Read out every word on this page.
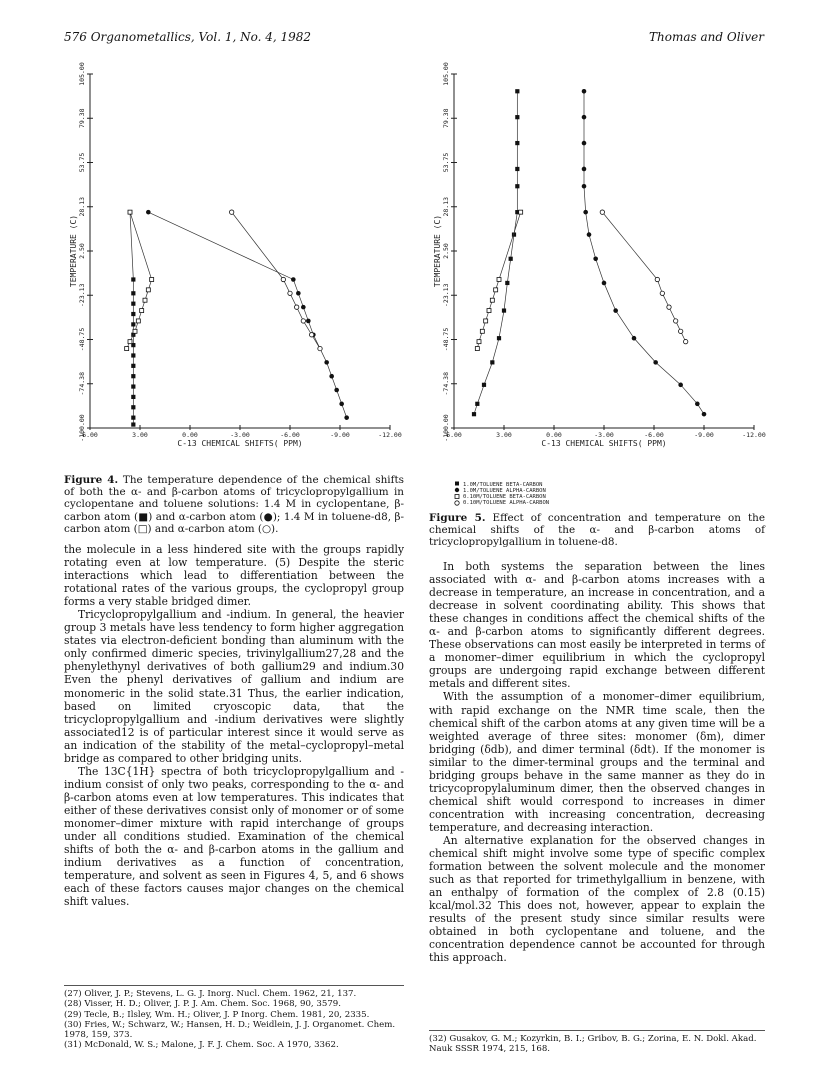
576 Organometallics, Vol. 1, No. 4, 1982	Thomas and Oliver
-100.00
-74.38
-48.75
-23.13
2.50
28.13
53.75
79.38
105.00
6.00	3.00	0.00	-3.00	-6.00	-9.00	-12.00
TEMPERATURE (C)
C-13 CHEMICAL SHIFTS( PPM)
Figure 4. The temperature dependence of the chemical shifts of both the α- and β-carbon atoms of tricyclopropylgallium in cyclopentane and toluene solutions: 1.4 M in cyclopentane, β-carbon atom (■) and α-carbon atom (●); 1.4 M in toluene-d8, β-carbon atom (□) and α-carbon atom (○).
-100.00
-74.38
-48.75
-23.13
2.50
28.13
53.75
79.38
105.00
6.00	3.00	0.00	-3.00	-6.00	-9.00	-12.00
TEMPERATURE (C)
C-13 CHEMICAL SHIFTS( PPM)
1.0M/TOLUENE BETA-CARBON
1.0M/TOLUENE ALPHA-CARBON
0.10M/TOLUENE BETA-CARBON
0.10M/TOLUENE ALPHA-CARBON
Figure 5. Effect of concentration and temperature on the chemical shifts of the α- and β-carbon atoms of tricyclopropylgallium in toluene-d8.

the molecule in a less hindered site with the groups rapidly rotating even at low temperature. (5) Despite the steric interactions which lead to differentiation between the rotational rates of the various groups, the cyclopropyl group forms a very stable bridged dimer.

Tricyclopropylgallium and -indium. In general, the heavier group 3 metals have less tendency to form higher aggregation states via electron-deficient bonding than aluminum with the only confirmed dimeric species, trivinylgallium27,28 and the phenylethynyl derivatives of both gallium29 and indium.30 Even the phenyl derivatives of gallium and indium are monomeric in the solid state.31 Thus, the earlier indication, based on limited cryoscopic data, that the tricyclopropylgallium and -indium derivatives were slightly associated12 is of particular interest since it would serve as an indication of the stability of the metal–cyclopropyl–metal bridge as compared to other bridging units.

The 13C{1H} spectra of both tricyclopropylgallium and -indium consist of only two peaks, corresponding to the α- and β-carbon atoms even at low temperatures. This indicates that either of these derivatives consist only of monomer or of some monomer–dimer mixture with rapid interchange of groups under all conditions studied. Examination of the chemical shifts of both the α- and β-carbon atoms in the gallium and indium derivatives as a function of concentration, temperature, and solvent as seen in Figures 4, 5, and 6 shows each of these factors causes major changes on the chemical shift values.

(27) Oliver, J. P.; Stevens, L. G. J. Inorg. Nucl. Chem. 1962, 21, 137.
(28) Visser, H. D.; Oliver, J. P. J. Am. Chem. Soc. 1968, 90, 3579.
(29) Tecle, B.; Ilsley, Wm. H.; Oliver, J. P Inorg. Chem. 1981, 20, 2335.
(30) Fries, W.; Schwarz, W.; Hansen, H. D.; Weidlein, J. J. Organomet. Chem. 1978, 159, 373.
(31) McDonald, W. S.; Malone, J. F. J. Chem. Soc. A 1970, 3362.

In both systems the separation between the lines associated with α- and β-carbon atoms increases with a decrease in temperature, an increase in concentration, and a decrease in solvent coordinating ability. This shows that these changes in conditions affect the chemical shifts of the α- and β-carbon atoms to significantly different degrees. These observations can most easily be interpreted in terms of a monomer–dimer equilibrium in which the cyclopropyl groups are undergoing rapid exchange between different metals and different sites.

With the assumption of a monomer–dimer equilibrium, with rapid exchange on the NMR time scale, then the chemical shift of the carbon atoms at any given time will be a weighted average of three sites: monomer (δm), dimer bridging (δdb), and dimer terminal (δdt). If the monomer is similar to the dimer-terminal groups and the terminal and bridging groups behave in the same manner as they do in tricycopropylaluminum dimer, then the observed changes in chemical shift would correspond to increases in dimer concentration with increasing concentration, decreasing temperature, and decreasing interaction.

An alternative explanation for the observed changes in chemical shift might involve some type of specific complex formation between the solvent molecule and the monomer such as that reported for trimethylgallium in benzene, with an enthalpy of formation of the complex of 2.8 (0.15) kcal/mol.32 This does not, however, appear to explain the results of the present study since similar results were obtained in both cyclopentane and toluene, and the concentration dependence cannot be accounted for through this approach.

(32) Gusakov, G. M.; Kozyrkin, B. I.; Gribov, B. G.; Zorina, E. N. Dokl. Akad. Nauk SSSR 1974, 215, 168.
